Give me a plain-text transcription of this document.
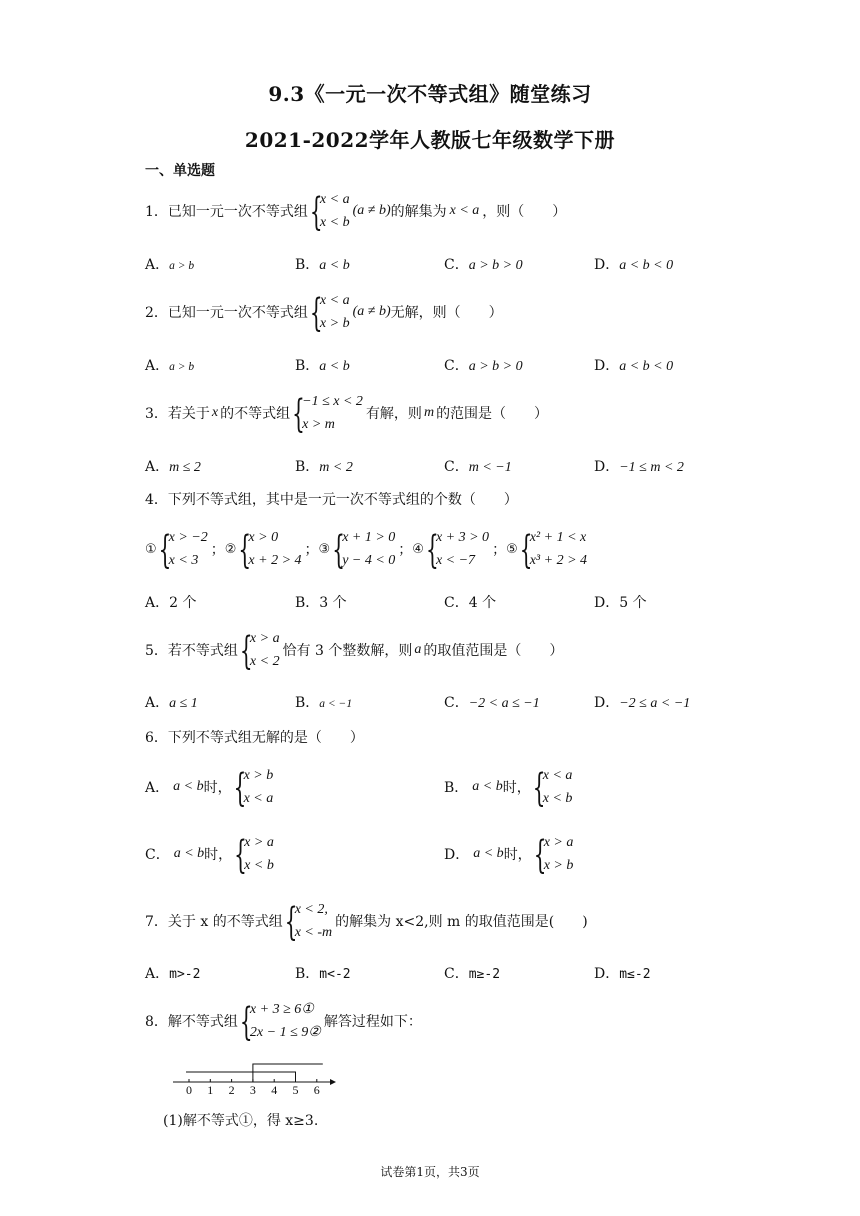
9.3《一元一次不等式组》随堂练习
2021-2022学年人教版七年级数学下册
一、单选题
1．已知一元一次不等式组 {
x < a
x < b
(a ≠ b) 的解集为 x < a ，则（　　）
A．a > b	B．a < b	C．a > b > 0	D．a < b < 0
2．已知一元一次不等式组 {
x < a
x > b
(a ≠ b) 无解，则（　　）
A．a > b	B．a < b	C．a > b > 0	D．a < b < 0
3．若关于 x 的不等式组 {
−1 ≤ x < 2
x > m
有解，则 m 的范围是（　　）
A．m ≤ 2	B．m < 2	C．m < −1	D．−1 ≤ m < 2
4．下列不等式组，其中是一元一次不等式组的个数（　　）
① {
x > −2
x < 3
； ② {
x > 0
x + 2 > 4
； ③ {
x + 1 > 0
y − 4 < 0
； ④ {
x + 3 > 0
x < −7
； ⑤ {
x² + 1 < x
x³ + 2 > 4
A．2 个	B．3 个	C．4 个	D．5 个
5．若不等式组 {
x > a
x < 2
恰有 3 个整数解，则 a 的取值范围是（　　）
A．a ≤ 1	B．a < −1	C．−2 < a ≤ −1	D．−2 ≤ a < −1
6．下列不等式组无解的是（　　）
A． a < b 时， {
x > b
x < a
B． a < b 时， {
x < a
x < b
C． a < b 时， {
x > a
x < b
D． a < b 时， {
x > a
x > b
7．关于 x 的不等式组 {
x < 2,
x < -m
的解集为 x<2,则 m 的取值范围是(　　)
A．m>-2	B．m<-2	C．m≥-2	D．m≤-2
8．解不等式组 {
x + 3 ≥ 6①
2x − 1 ≤ 9②
解答过程如下：
0 1 2 3 4 5 6
(1)解不等式①，得 x≥3.
试卷第1页，共3页
